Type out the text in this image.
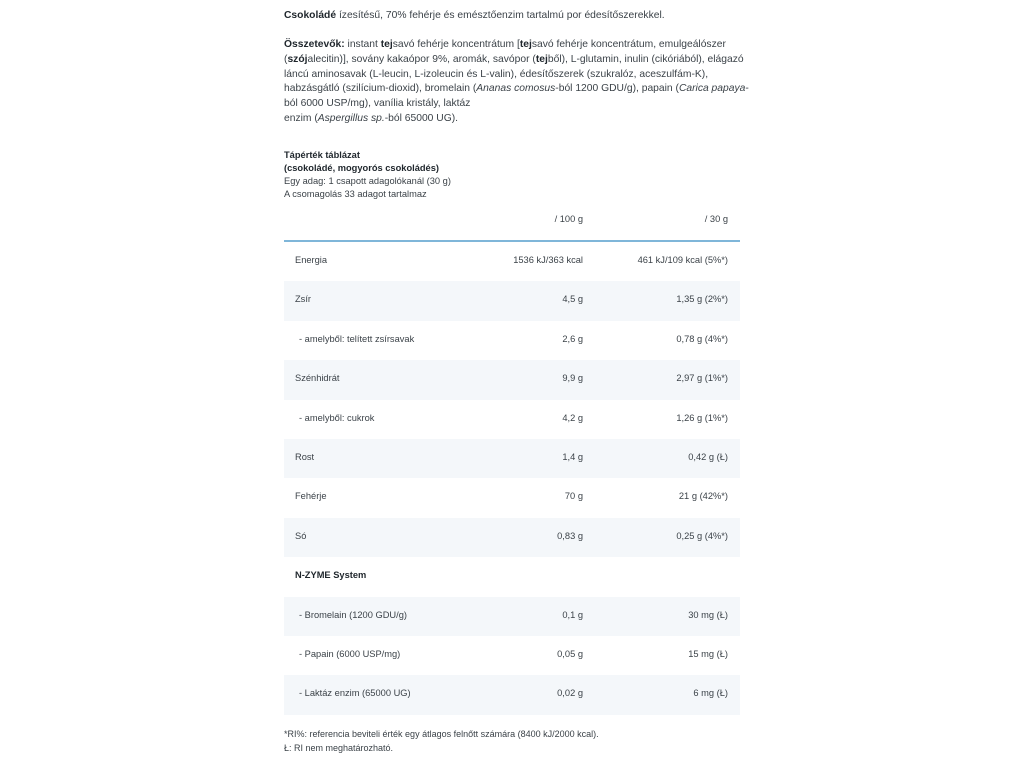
Csokoládé ízesítésű, 70% fehérje és emésztőenzim tartalmú por édesítőszerekkel.
Összetevők: instant tejsavó fehérje koncentrátum [tejsavó fehérje koncentrátum, emulgeálószer (szójalecitin)], sovány kakaópor 9%, aromák, savópor (tejből), L-glutamin, inulin (cikóriából), elágazó láncú aminosavak (L-leucin, L-izoleucin és L-valin), édesítőszerek (szukralóz, aceszulfám-K), habzásgátló (szilícium-dioxid), bromelain (Ananas comosus-ból 1200 GDU/g), papain (Carica papaya-ból 6000 USP/mg), vanília kristály, laktáz
enzim (Aspergillus sp.-ból 65000 UG).
Tápérték táblázat
(csokoládé, mogyorós csokoládés)
Egy adag: 1 csapott adagolókanál (30 g)
A csomagolás 33 adagot tartalmaz
/ 100 g	/ 30 g
Energia	1536 kJ/363 kcal	461 kJ/109 kcal (5%*)
Zsír	4,5 g	1,35 g (2%*)
- amelyből: telített zsírsavak	2,6 g	0,78 g (4%*)
Szénhidrát	9,9 g	2,97 g (1%*)
- amelyből: cukrok	4,2 g	1,26 g (1%*)
Rost	1,4 g	0,42 g (Ł)
Fehérje	70 g	21 g (42%*)
Só	0,83 g	0,25 g (4%*)
N-ZYME System
- Bromelain (1200 GDU/g)	0,1 g	30 mg (Ł)
- Papain (6000 USP/mg)	0,05 g	15 mg (Ł)
- Laktáz enzim (65000 UG)	0,02 g	6 mg (Ł)
*RI%: referencia beviteli érték egy átlagos felnőtt számára (8400 kJ/2000 kcal).
Ł: RI nem meghatározható.
